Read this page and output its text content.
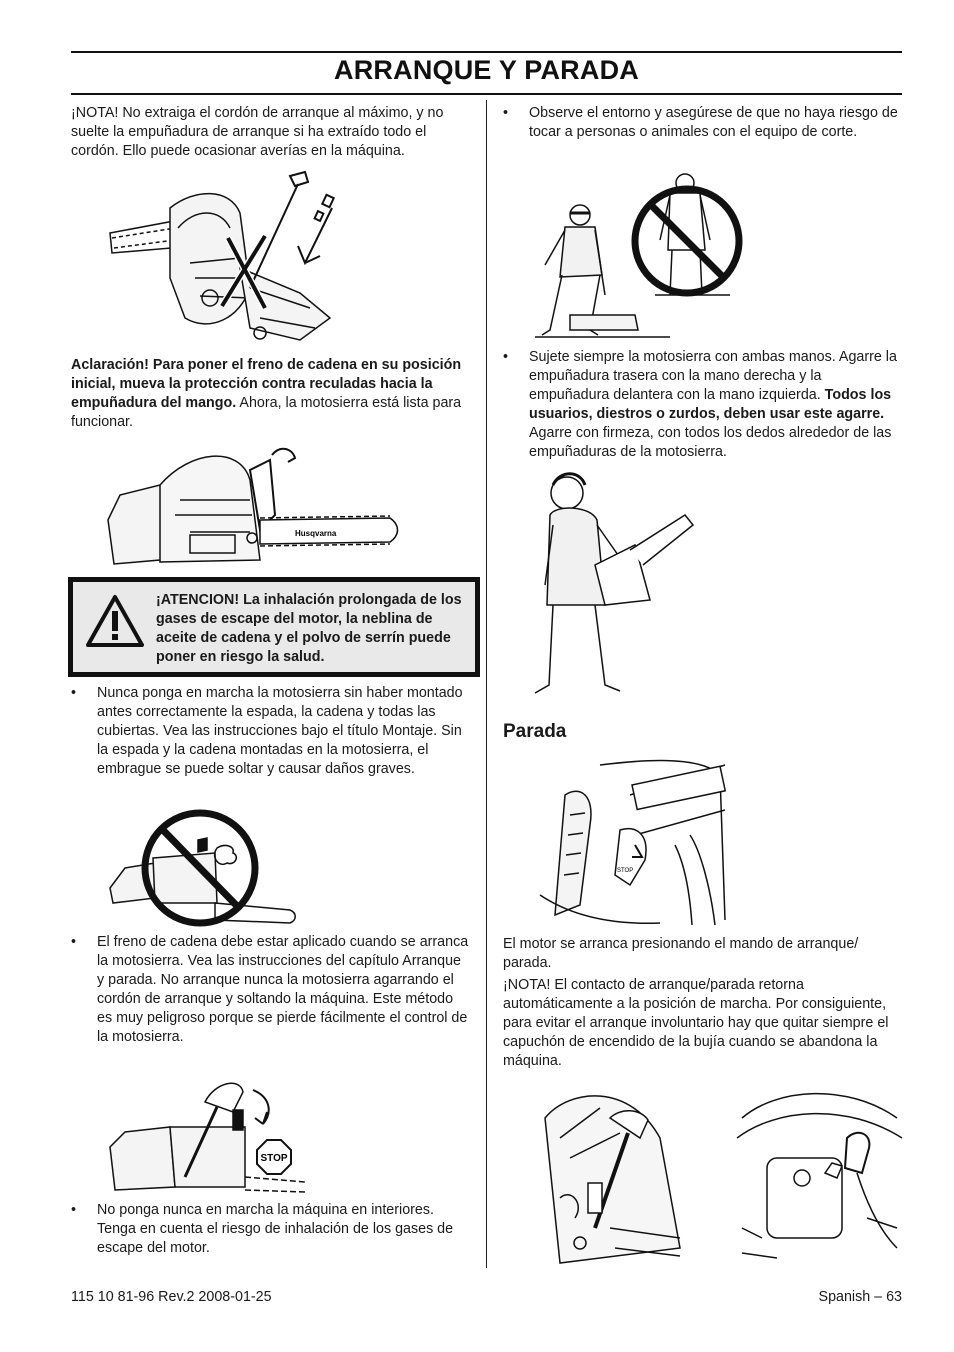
ARRANQUE Y PARADA

¡NOTA! No extraiga el cordón de arranque al máximo, y no suelte la empuñadura de arranque si ha extraído todo el cordón. Ello puede ocasionar averías en la máquina.

Aclaración! Para poner el freno de cadena en su posición inicial, mueva la protección contra reculadas hacia la empuñadura del mango. Ahora, la motosierra está lista para funcionar.

Husqvarna

¡ATENCION! La inhalación prolongada de los gases de escape del motor, la neblina de aceite de cadena y el polvo de serrín puede poner en riesgo la salud.

• Nunca ponga en marcha la motosierra sin haber montado antes correctamente la espada, la cadena y todas las cubiertas. Vea las instrucciones bajo el título Montaje. Sin la espada y la cadena montadas en la motosierra, el embrague se puede soltar y causar daños graves.

• El freno de cadena debe estar aplicado cuando se arranca la motosierra. Vea las instrucciones del capítulo Arranque y parada. No arranque nunca la motosierra agarrando el cordón de arranque y soltando la máquina. Este método es muy peligroso porque se pierde fácilmente el control de la motosierra.

STOP
• No ponga nunca en marcha la máquina en interiores. Tenga en cuenta el riesgo de inhalación de los gases de escape del motor.

• Observe el entorno y asegúrese de que no haya riesgo de tocar a personas o animales con el equipo de corte.

• Sujete siempre la motosierra con ambas manos. Agarre la empuñadura trasera con la mano derecha y la empuñadura delantera con la mano izquierda. Todos los usuarios, diestros o zurdos, deben usar este agarre. Agarre con firmeza, con todos los dedos alrededor de las empuñaduras de la motosierra.

Parada
STOP

El motor se arranca presionando el mando de arranque/ parada.

¡NOTA! El contacto de arranque/parada retorna automáticamente a la posición de marcha. Por consiguiente, para evitar el arranque involuntario hay que quitar siempre el capuchón de encendido de la bujía cuando se abandona la máquina.

115 10 81-96 Rev.2 2008-01-25	Spanish – 63
